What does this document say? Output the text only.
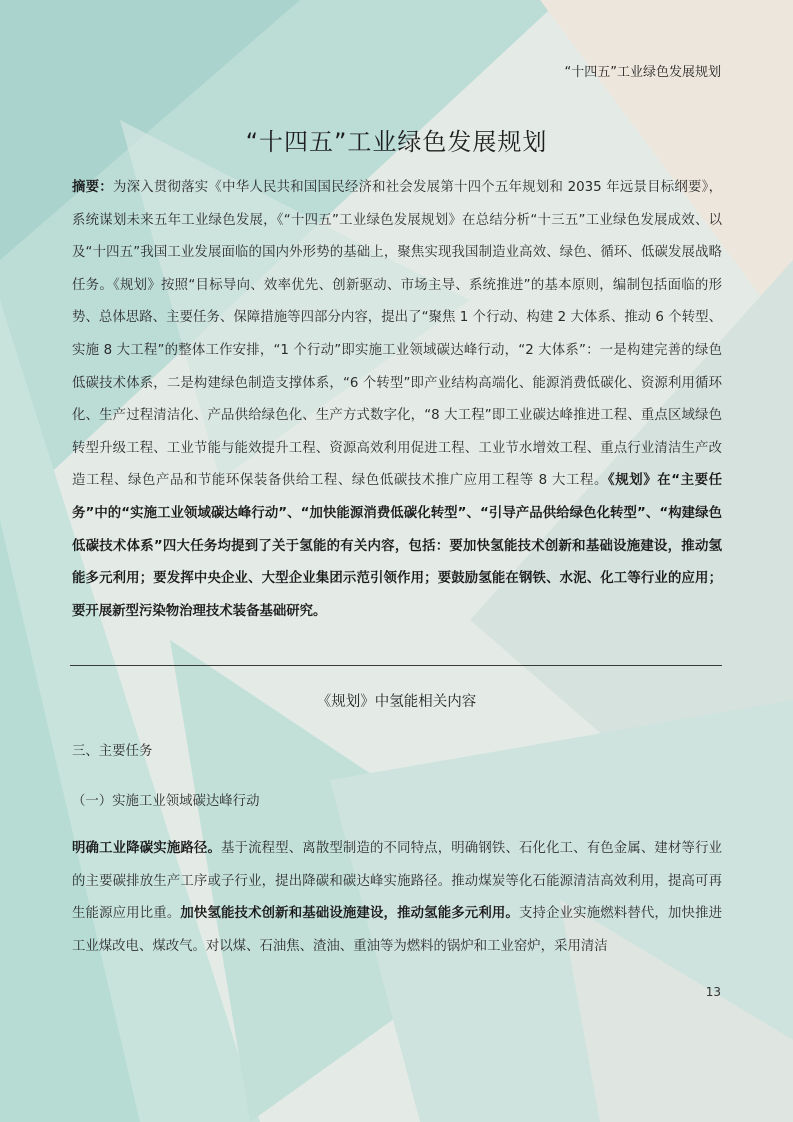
“十四五”工业绿色发展规划
“十四五”工业绿色发展规划

摘要：为深入贯彻落实《中华人民共和国国民经济和社会发展第十四个五年规划和 2035 年远景目标纲要》，系统谋划未来五年工业绿色发展，《“十四五”工业绿色发展规划》在总结分析“十三五”工业绿色发展成效、以及“十四五”我国工业发展面临的国内外形势的基础上，聚焦实现我国制造业高效、绿色、循环、低碳发展战略任务。《规划》按照“目标导向、效率优先、创新驱动、市场主导、系统推进”的基本原则，编制包括面临的形势、总体思路、主要任务、保障措施等四部分内容，提出了“聚焦 1 个行动、构建 2 大体系、推动 6 个转型、实施 8 大工程”的整体工作安排，“1 个行动”即实施工业领域碳达峰行动，“2 大体系”：一是构建完善的绿色低碳技术体系，二是构建绿色制造支撑体系，“6 个转型”即产业结构高端化、能源消费低碳化、资源利用循环化、生产过程清洁化、产品供给绿色化、生产方式数字化，“8 大工程”即工业碳达峰推进工程、重点区域绿色转型升级工程、工业节能与能效提升工程、资源高效利用促进工程、工业节水增效工程、重点行业清洁生产改造工程、绿色产品和节能环保装备供给工程、绿色低碳技术推广应用工程等 8 大工程。《规划》在“主要任务”中的“实施工业领域碳达峰行动”、“加快能源消费低碳化转型”、“引导产品供给绿色化转型”、“构建绿色低碳技术体系”四大任务均提到了关于氢能的有关内容，包括：要加快氢能技术创新和基础设施建设，推动氢能多元利用；要发挥中央企业、大型企业集团示范引领作用；要鼓励氢能在钢铁、水泥、化工等行业的应用；要开展新型污染物治理技术装备基础研究。

《规划》中氢能相关内容
三、主要任务
（一）实施工业领域碳达峰行动

明确工业降碳实施路径。基于流程型、离散型制造的不同特点，明确钢铁、石化化工、有色金属、建材等行业的主要碳排放生产工序或子行业，提出降碳和碳达峰实施路径。推动煤炭等化石能源清洁高效利用，提高可再生能源应用比重。加快氢能技术创新和基础设施建设，推动氢能多元利用。支持企业实施燃料替代，加快推进工业煤改电、煤改气。对以煤、石油焦、渣油、重油等为燃料的锅炉和工业窑炉，采用清洁

13
